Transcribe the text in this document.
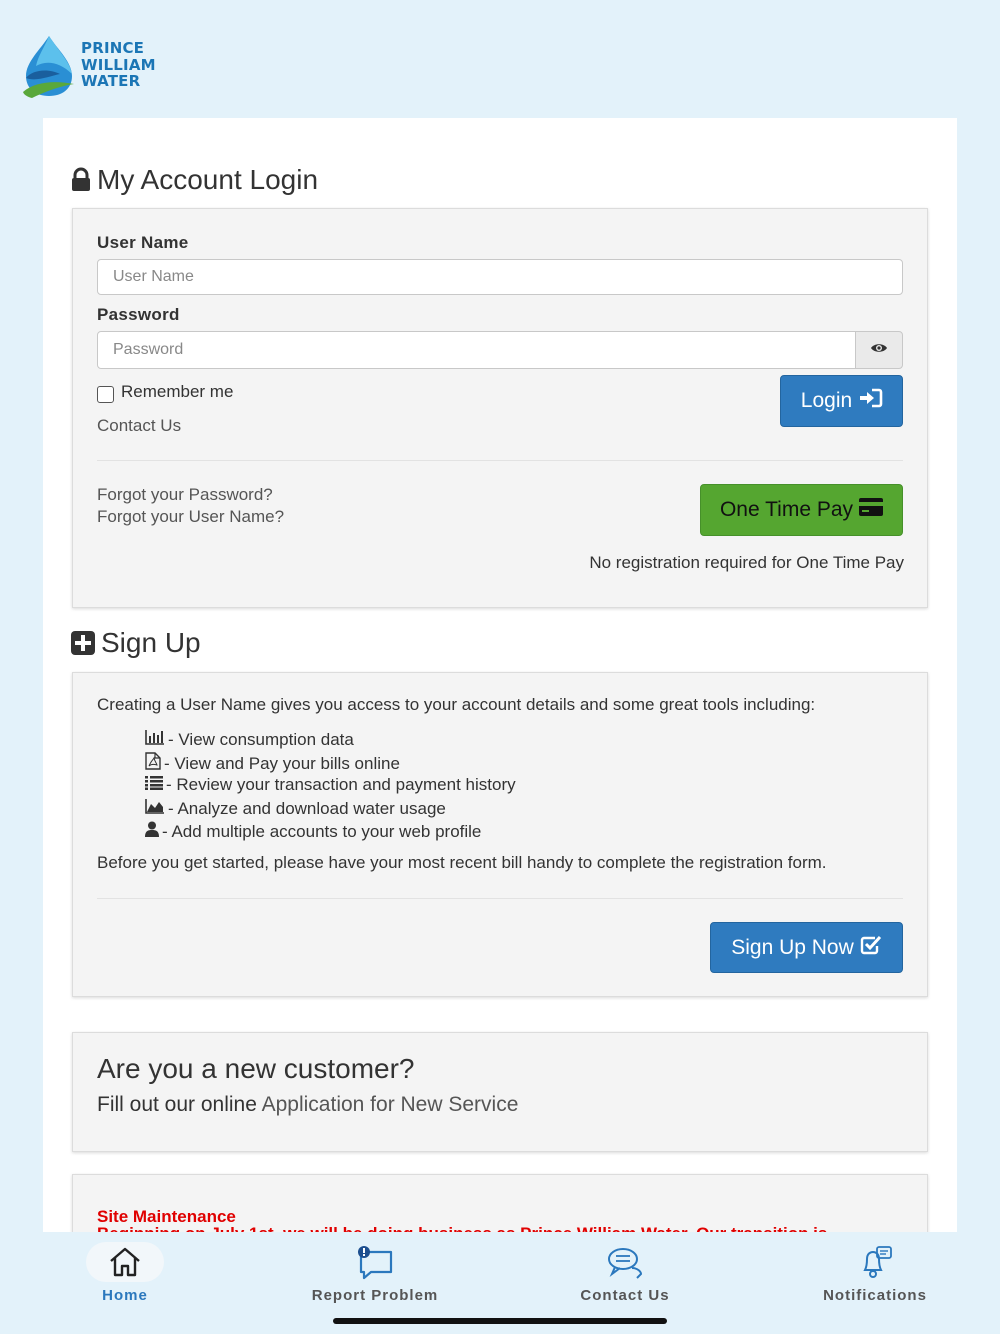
PRINCE
WILLIAM
WATER
My Account Login
User Name
User Name
Password
Remember me
Contact Us
Login
Forgot your Password?
Forgot your User Name?	One Time Pay
No registration required for One Time Pay
Sign Up
Creating a User Name gives you access to your account details and some great tools including:
- View consumption data
- View and Pay your bills online
- Review your transaction and payment history
- Analyze and download water usage
- Add multiple accounts to your web profile
Before you get started, please have your most recent bill handy to complete the registration form.
Sign Up Now
Are you a new customer?
Fill out our online Application for New Service
Site Maintenance
Home	Report Problem	Contact Us	Notifications
